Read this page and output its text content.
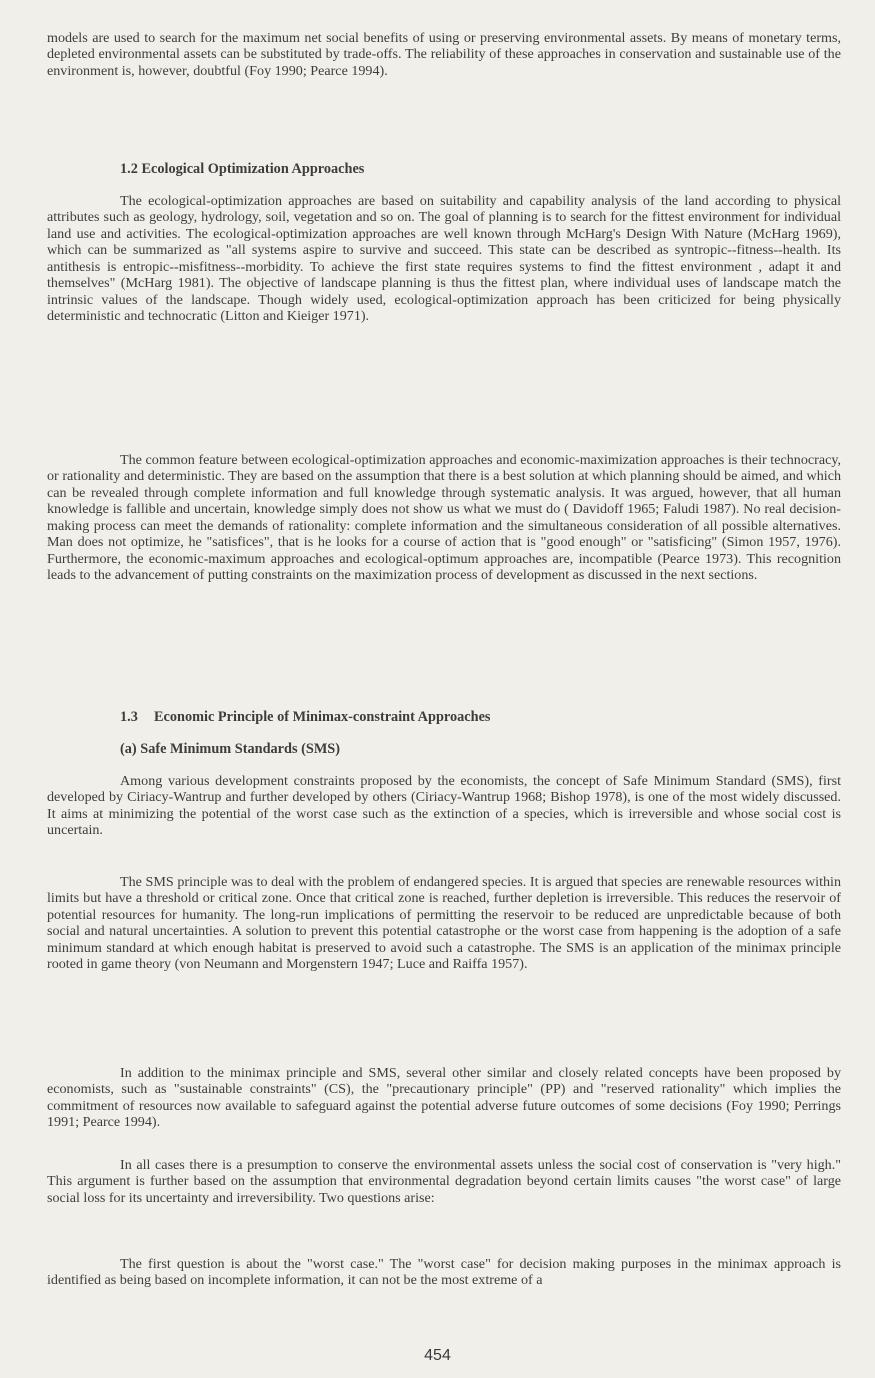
models are used to search for the maximum net social benefits of using or preserving environmental assets. By means of monetary terms, depleted environmental assets can be substituted by trade-offs. The reliability of these approaches in conservation and sustainable use of the environment is, however, doubtful (Foy 1990; Pearce 1994).

1.2 Ecological Optimization Approaches

The ecological-optimization approaches are based on suitability and capability analysis of the land according to physical attributes such as geology, hydrology, soil, vegetation and so on. The goal of planning is to search for the fittest environment for individual land use and activities. The ecological-optimization approaches are well known through McHarg's Design With Nature (McHarg 1969), which can be summarized as "all systems aspire to survive and succeed. This state can be described as syntropic--fitness--health. Its antithesis is entropic--misfitness--morbidity. To achieve the first state requires systems to find the fittest environment , adapt it and themselves" (McHarg 1981). The objective of landscape planning is thus the fittest plan, where individual uses of landscape match the intrinsic values of the landscape. Though widely used, ecological-optimization approach has been criticized for being physically deterministic and technocratic (Litton and Kieiger 1971).

The common feature between ecological-optimization approaches and economic-maximization approaches is their technocracy, or rationality and deterministic. They are based on the assumption that there is a best solution at which planning should be aimed, and which can be revealed through complete information and full knowledge through systematic analysis. It was argued, however, that all human knowledge is fallible and uncertain, knowledge simply does not show us what we must do ( Davidoff 1965; Faludi 1987). No real decision-making process can meet the demands of rationality: complete information and the simultaneous consideration of all possible alternatives. Man does not optimize, he "satisfices", that is he looks for a course of action that is "good enough" or "satisficing" (Simon 1957, 1976). Furthermore, the economic-maximum approaches and ecological-optimum approaches are, incompatible (Pearce 1973). This recognition leads to the advancement of putting constraints on the maximization process of development as discussed in the next sections.

1.3 Economic Principle of Minimax-constraint Approaches
(a) Safe Minimum Standards (SMS)

Among various development constraints proposed by the economists, the concept of Safe Minimum Standard (SMS), first developed by Ciriacy-Wantrup and further developed by others (Ciriacy-Wantrup 1968; Bishop 1978), is one of the most widely discussed. It aims at minimizing the potential of the worst case such as the extinction of a species, which is irreversible and whose social cost is uncertain.

The SMS principle was to deal with the problem of endangered species. It is argued that species are renewable resources within limits but have a threshold or critical zone. Once that critical zone is reached, further depletion is irreversible. This reduces the reservoir of potential resources for humanity. The long-run implications of permitting the reservoir to be reduced are unpredictable because of both social and natural uncertainties. A solution to prevent this potential catastrophe or the worst case from happening is the adoption of a safe minimum standard at which enough habitat is preserved to avoid such a catastrophe. The SMS is an application of the minimax principle rooted in game theory (von Neumann and Morgenstern 1947; Luce and Raiffa 1957).

In addition to the minimax principle and SMS, several other similar and closely related concepts have been proposed by economists, such as "sustainable constraints" (CS), the "precautionary principle" (PP) and "reserved rationality" which implies the commitment of resources now available to safeguard against the potential adverse future outcomes of some decisions (Foy 1990; Perrings 1991; Pearce 1994).

In all cases there is a presumption to conserve the environmental assets unless the social cost of conservation is "very high." This argument is further based on the assumption that environmental degradation beyond certain limits causes "the worst case" of large social loss for its uncertainty and irreversibility. Two questions arise:

The first question is about the "worst case." The "worst case" for decision making purposes in the minimax approach is identified as being based on incomplete information, it can not be the most extreme of a

454
